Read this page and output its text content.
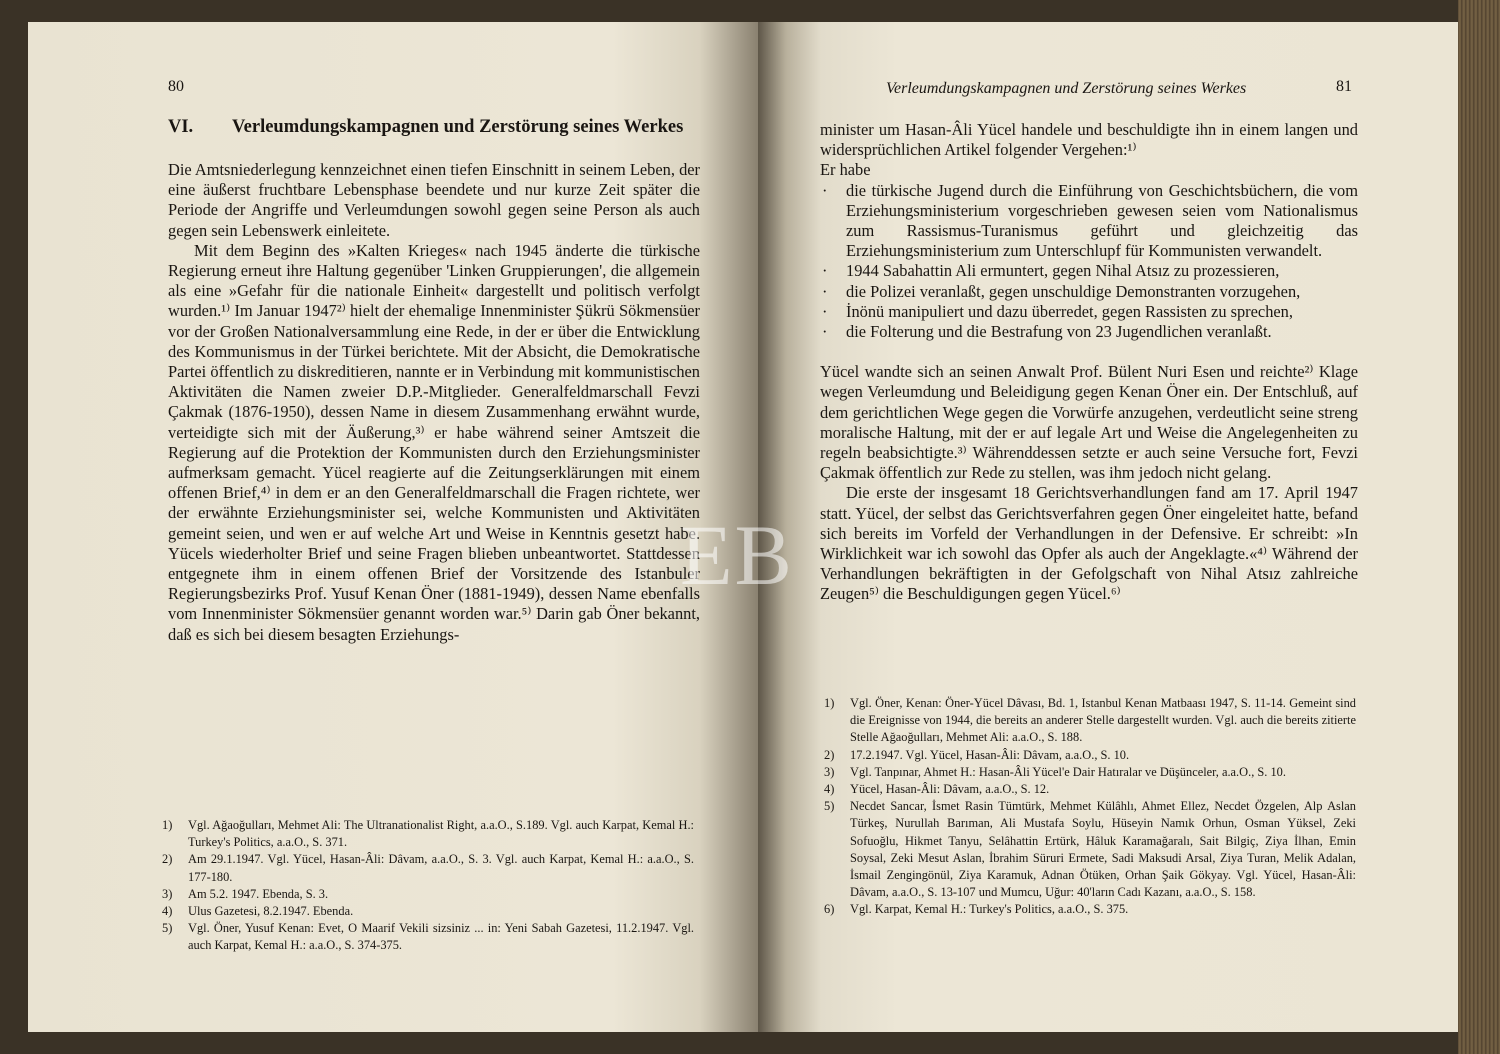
80
VI. Verleumdungskampagnen und Zerstörung seines Werkes

Die Amtsniederlegung kennzeichnet einen tiefen Einschnitt in seinem Leben, der eine äußerst fruchtbare Lebensphase beendete und nur kurze Zeit später die Periode der Angriffe und Verleumdungen sowohl gegen seine Person als auch gegen sein Lebenswerk einleitete.

Mit dem Beginn des »Kalten Krieges« nach 1945 änderte die türkische Regierung erneut ihre Haltung gegenüber 'Linken Gruppierungen', die allgemein als eine »Gefahr für die nationale Einheit« dargestellt und politisch verfolgt wurden.¹⁾ Im Januar 1947²⁾ hielt der ehemalige Innenminister Şükrü Sökmensüer vor der Großen Nationalversammlung eine Rede, in der er über die Entwicklung des Kommunismus in der Türkei berichtete. Mit der Absicht, die Demokratische Partei öffentlich zu diskreditieren, nannte er in Verbindung mit kommunistischen Aktivitäten die Namen zweier D.P.-Mitglieder. Generalfeldmarschall Fevzi Çakmak (1876-1950), dessen Name in diesem Zusammenhang erwähnt wurde, verteidigte sich mit der Äußerung,³⁾ er habe während seiner Amtszeit die Regierung auf die Protektion der Kommunisten durch den Erziehungsminister aufmerksam gemacht. Yücel reagierte auf die Zeitungserklärungen mit einem offenen Brief,⁴⁾ in dem er an den Generalfeldmarschall die Fragen richtete, wer der erwähnte Erziehungsminister sei, welche Kommunisten und Aktivitäten gemeint seien, und wen er auf welche Art und Weise in Kenntnis gesetzt habe. Yücels wiederholter Brief und seine Fragen blieben unbeantwortet. Stattdessen entgegnete ihm in einem offenen Brief der Vorsitzende des Istanbuler Regierungsbezirks Prof. Yusuf Kenan Öner (1881-1949), dessen Name ebenfalls vom Innenminister Sökmensüer genannt worden war.⁵⁾ Darin gab Öner bekannt, daß es sich bei diesem besagten Erziehungs-

1)	Vgl. Ağaoğulları, Mehmet Ali: The Ultranationalist Right, a.a.O., S.189. Vgl. auch Karpat, Kemal H.: Turkey's Politics, a.a.O., S. 371.
2)	Am 29.1.1947. Vgl. Yücel, Hasan-Âli: Dâvam, a.a.O., S. 3. Vgl. auch Karpat, Kemal H.: a.a.O., S. 177-180.
3)	Am 5.2. 1947. Ebenda, S. 3.
4)	Ulus Gazetesi, 8.2.1947. Ebenda.
5)	Vgl. Öner, Yusuf Kenan: Evet, O Maarif Vekili sizsiniz ... in: Yeni Sabah Gazetesi, 11.2.1947. Vgl. auch Karpat, Kemal H.: a.a.O., S. 374-375.
Verleumdungskampagnen und Zerstörung seines Werkes	81

minister um Hasan-Âli Yücel handele und beschuldigte ihn in einem langen und widersprüchlichen Artikel folgender Vergehen:¹⁾

Er habe

· die türkische Jugend durch die Einführung von Geschichtsbüchern, die vom Erziehungsministerium vorgeschrieben gewesen seien vom Nationalismus zum Rassismus-Turanismus geführt und gleichzeitig das Erziehungsministerium zum Unterschlupf für Kommunisten verwandelt.
· 1944 Sabahattin Ali ermuntert, gegen Nihal Atsız zu prozessieren,
· die Polizei veranlaßt, gegen unschuldige Demonstranten vorzugehen,
· İnönü manipuliert und dazu überredet, gegen Rassisten zu sprechen,
· die Folterung und die Bestrafung von 23 Jugendlichen veranlaßt.

Yücel wandte sich an seinen Anwalt Prof. Bülent Nuri Esen und reichte²⁾ Klage wegen Verleumdung und Beleidigung gegen Kenan Öner ein. Der Entschluß, auf dem gerichtlichen Wege gegen die Vorwürfe anzugehen, verdeutlicht seine streng moralische Haltung, mit der er auf legale Art und Weise die Angelegenheiten zu regeln beabsichtigte.³⁾ Währenddessen setzte er auch seine Versuche fort, Fevzi Çakmak öffentlich zur Rede zu stellen, was ihm jedoch nicht gelang.

Die erste der insgesamt 18 Gerichtsverhandlungen fand am 17. April 1947 statt. Yücel, der selbst das Gerichtsverfahren gegen Öner eingeleitet hatte, befand sich bereits im Vorfeld der Verhandlungen in der Defensive. Er schreibt: »In Wirklichkeit war ich sowohl das Opfer als auch der Angeklagte.«⁴⁾ Während der Verhandlungen bekräftigten in der Gefolgschaft von Nihal Atsız zahlreiche Zeugen⁵⁾ die Beschuldigungen gegen Yücel.⁶⁾

1)	Vgl. Öner, Kenan: Öner-Yücel Dâvası, Bd. 1, Istanbul Kenan Matbaası 1947, S. 11-14. Gemeint sind die Ereignisse von 1944, die bereits an anderer Stelle dargestellt wurden. Vgl. auch die bereits zitierte Stelle Ağaoğulları, Mehmet Ali: a.a.O., S. 188.
2)	17.2.1947. Vgl. Yücel, Hasan-Âli: Dâvam, a.a.O., S. 10.
3)	Vgl. Tanpınar, Ahmet H.: Hasan-Âli Yücel'e Dair Hatıralar ve Düşünceler, a.a.O., S. 10.
4)	Yücel, Hasan-Âli: Dâvam, a.a.O., S. 12.
5)	Necdet Sancar, İsmet Rasin Tümtürk, Mehmet Külâhlı, Ahmet Ellez, Necdet Özgelen, Alp Aslan Türkeş, Nurullah Barıman, Ali Mustafa Soylu, Hüseyin Namık Orhun, Osman Yüksel, Zeki Sofuoğlu, Hikmet Tanyu, Selâhattin Ertürk, Hâluk Karamağaralı, Sait Bilgiç, Ziya İlhan, Emin Soysal, Zeki Mesut Aslan, İbrahim Süruri Ermete, Sadi Maksudi Arsal, Ziya Turan, Melik Adalan, İsmail Zengingönül, Ziya Karamuk, Adnan Ötüken, Orhan Şaik Gökyay. Vgl. Yücel, Hasan-Âli: Dâvam, a.a.O., S. 13-107 und Mumcu, Uğur: 40'ların Cadı Kazanı, a.a.O., S. 158.
6)	Vgl. Karpat, Kemal H.: Turkey's Politics, a.a.O., S. 375.
EB
